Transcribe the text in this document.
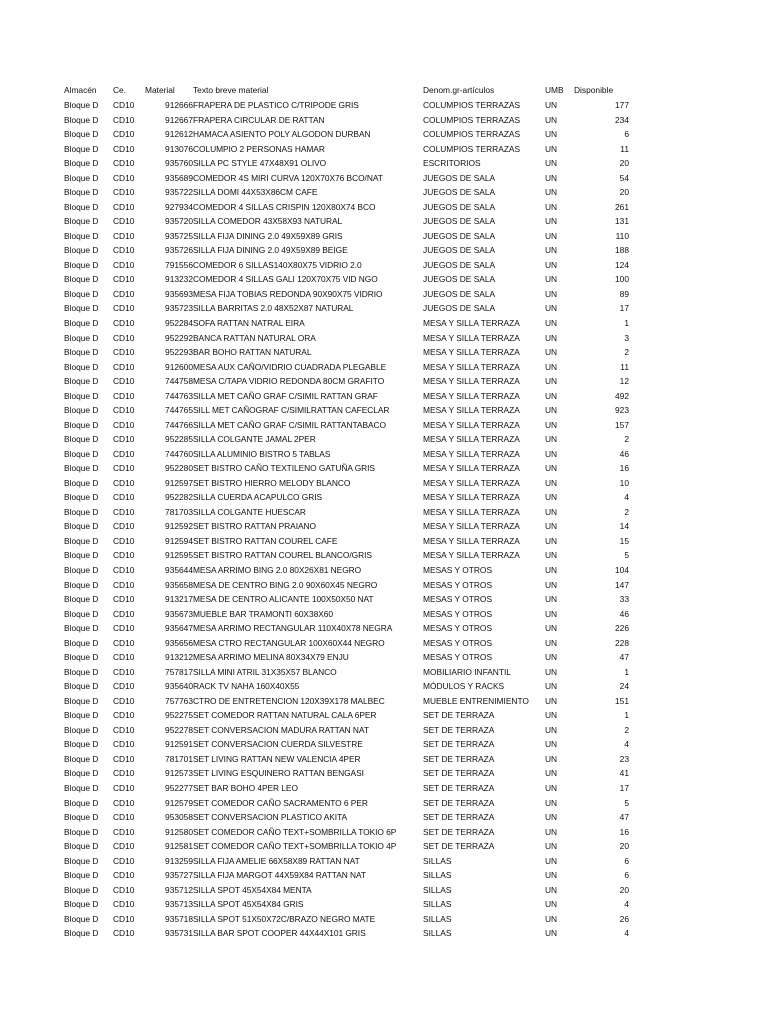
Almacén	Ce.	Material	Texto breve material	Denom.gr-artículos	UMB	Disponible
Bloque D	CD10	912666	FRAPERA DE PLASTICO C/TRIPODE GRIS	COLUMPIOS TERRAZAS	UN	177
Bloque D	CD10	912667	FRAPERA CIRCULAR DE RATTAN	COLUMPIOS TERRAZAS	UN	234
Bloque D	CD10	912612	HAMACA ASIENTO POLY ALGODON DURBAN	COLUMPIOS TERRAZAS	UN	6
Bloque D	CD10	913076	COLUMPIO 2 PERSONAS HAMAR	COLUMPIOS TERRAZAS	UN	11
Bloque D	CD10	935760	SILLA PC STYLE 47X48X91 OLIVO	ESCRITORIOS	UN	20
Bloque D	CD10	935689	COMEDOR 4S MIRI CURVA 120X70X76 BCO/NAT	JUEGOS DE SALA	UN	54
Bloque D	CD10	935722	SILLA DOMI 44X53X86CM CAFE	JUEGOS DE SALA	UN	20
Bloque D	CD10	927934	COMEDOR 4 SILLAS CRISPIN 120X80X74 BCO	JUEGOS DE SALA	UN	261
Bloque D	CD10	935720	SILLA COMEDOR 43X58X93 NATURAL	JUEGOS DE SALA	UN	131
Bloque D	CD10	935725	SILLA FIJA DINING 2.0 49X59X89 GRIS	JUEGOS DE SALA	UN	110
Bloque D	CD10	935726	SILLA FIJA DINING 2.0 49X59X89 BEIGE	JUEGOS DE SALA	UN	188
Bloque D	CD10	791556	COMEDOR 6 SILLAS140X80X75 VIDRIO 2.0	JUEGOS DE SALA	UN	124
Bloque D	CD10	913232	COMEDOR 4 SILLAS GALI 120X70X75 VID NGO	JUEGOS DE SALA	UN	100
Bloque D	CD10	935693	MESA FIJA TOBIAS REDONDA 90X90X75 VIDRIO	JUEGOS DE SALA	UN	89
Bloque D	CD10	935723	SILLA BARRITAS 2.0 48X52X87 NATURAL	JUEGOS DE SALA	UN	17
Bloque D	CD10	952284	SOFA RATTAN NATRAL EIRA	MESA Y SILLA TERRAZA	UN	1
Bloque D	CD10	952292	BANCA RATTAN NATURAL ORA	MESA Y SILLA TERRAZA	UN	3
Bloque D	CD10	952293	BAR BOHO RATTAN NATURAL	MESA Y SILLA TERRAZA	UN	2
Bloque D	CD10	912600	MESA AUX CAÑO/VIDRIO CUADRADA PLEGABLE	MESA Y SILLA TERRAZA	UN	11
Bloque D	CD10	744758	MESA C/TAPA VIDRIO REDONDA 80CM GRAFITO	MESA Y SILLA TERRAZA	UN	12
Bloque D	CD10	744763	SILLA MET CAÑO GRAF C/SIMIL RATTAN GRAF	MESA Y SILLA TERRAZA	UN	492
Bloque D	CD10	744765	SILL MET CAÑOGRAF C/SIMILRATTAN CAFECLAR	MESA Y SILLA TERRAZA	UN	923
Bloque D	CD10	744766	SILLA MET CAÑO GRAF C/SIMIL RATTANTABACO	MESA Y SILLA TERRAZA	UN	157
Bloque D	CD10	952285	SILLA COLGANTE JAMAL 2PER	MESA Y SILLA TERRAZA	UN	2
Bloque D	CD10	744760	SILLA ALUMINIO BISTRO 5 TABLAS	MESA Y SILLA TERRAZA	UN	46
Bloque D	CD10	952280	SET BISTRO CAÑO TEXTILENO GATUÑA GRIS	MESA Y SILLA TERRAZA	UN	16
Bloque D	CD10	912597	SET BISTRO HIERRO MELODY BLANCO	MESA Y SILLA TERRAZA	UN	10
Bloque D	CD10	952282	SILLA CUERDA ACAPULCO GRIS	MESA Y SILLA TERRAZA	UN	4
Bloque D	CD10	781703	SILLA COLGANTE HUESCAR	MESA Y SILLA TERRAZA	UN	2
Bloque D	CD10	912592	SET BISTRO RATTAN PRAIANO	MESA Y SILLA TERRAZA	UN	14
Bloque D	CD10	912594	SET BISTRO RATTAN COUREL CAFE	MESA Y SILLA TERRAZA	UN	15
Bloque D	CD10	912595	SET BISTRO RATTAN COUREL BLANCO/GRIS	MESA Y SILLA TERRAZA	UN	5
Bloque D	CD10	935644	MESA ARRIMO BING 2.0 80X26X81 NEGRO	MESAS Y OTROS	UN	104
Bloque D	CD10	935658	MESA DE CENTRO BING 2.0 90X60X45 NEGRO	MESAS Y OTROS	UN	147
Bloque D	CD10	913217	MESA DE CENTRO ALICANTE 100X50X50 NAT	MESAS Y OTROS	UN	33
Bloque D	CD10	935673	MUEBLE BAR TRAMONTI 60X38X60	MESAS Y OTROS	UN	46
Bloque D	CD10	935647	MESA ARRIMO RECTANGULAR 110X40X78 NEGRA	MESAS Y OTROS	UN	226
Bloque D	CD10	935656	MESA CTRO RECTANGULAR 100X60X44 NEGRO	MESAS Y OTROS	UN	228
Bloque D	CD10	913212	MESA ARRIMO MELINA 80X34X79 ENJU	MESAS Y OTROS	UN	47
Bloque D	CD10	757817	SILLA MINI ATRIL 31X35X57 BLANCO	MOBILIARIO INFANTIL	UN	1
Bloque D	CD10	935640	RACK TV NAHA 160X40X55	MÓDULOS Y RACKS	UN	24
Bloque D	CD10	757763	CTRO DE ENTRETENCION 120X39X178 MALBEC	MUEBLE ENTRENIMIENTO	UN	151
Bloque D	CD10	952275	SET COMEDOR RATTAN NATURAL CALA 6PER	SET DE TERRAZA	UN	1
Bloque D	CD10	952278	SET CONVERSACION MADURA RATTAN NAT	SET DE TERRAZA	UN	2
Bloque D	CD10	912591	SET CONVERSACION CUERDA SILVESTRE	SET DE TERRAZA	UN	4
Bloque D	CD10	781701	SET LIVING RATTAN NEW VALENCIA 4PER	SET DE TERRAZA	UN	23
Bloque D	CD10	912573	SET LIVING ESQUINERO RATTAN BENGASI	SET DE TERRAZA	UN	41
Bloque D	CD10	952277	SET BAR BOHO 4PER LEO	SET DE TERRAZA	UN	17
Bloque D	CD10	912579	SET COMEDOR CAÑO SACRAMENTO 6 PER	SET DE TERRAZA	UN	5
Bloque D	CD10	953058	SET CONVERSACION PLASTICO AKITA	SET DE TERRAZA	UN	47
Bloque D	CD10	912580	SET COMEDOR CAÑO TEXT+SOMBRILLA TOKIO 6P	SET DE TERRAZA	UN	16
Bloque D	CD10	912581	SET COMEDOR CAÑO TEXT+SOMBRILLA TOKIO 4P	SET DE TERRAZA	UN	20
Bloque D	CD10	913259	SILLA FIJA AMELIE 66X58X89 RATTAN NAT	SILLAS	UN	6
Bloque D	CD10	935727	SILLA FIJA MARGOT 44X59X84 RATTAN NAT	SILLAS	UN	6
Bloque D	CD10	935712	SILLA SPOT 45X54X84 MENTA	SILLAS	UN	20
Bloque D	CD10	935713	SILLA SPOT 45X54X84 GRIS	SILLAS	UN	4
Bloque D	CD10	935718	SILLA SPOT 51X50X72C/BRAZO NEGRO MATE	SILLAS	UN	26
Bloque D	CD10	935731	SILLA BAR SPOT COOPER 44X44X101 GRIS	SILLAS	UN	4
